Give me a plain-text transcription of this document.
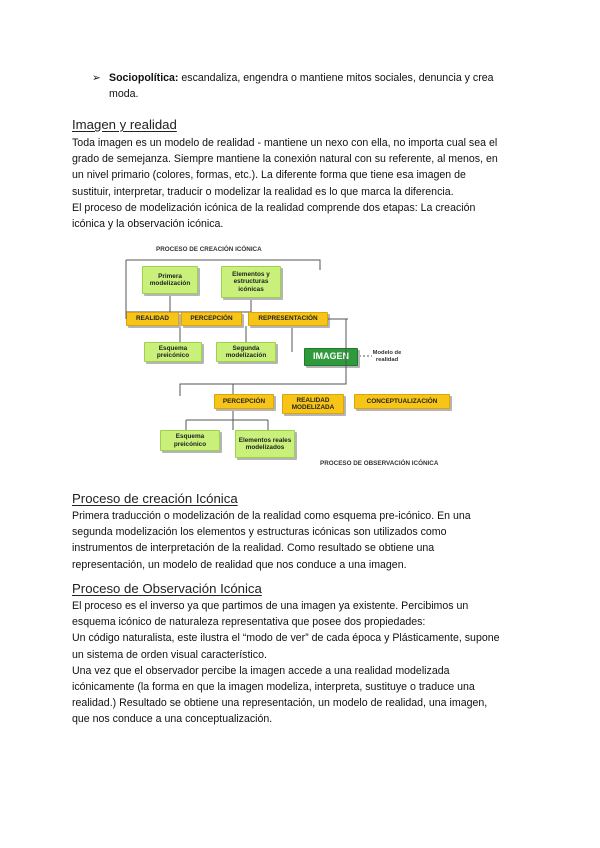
➢ Sociopolítica: escandaliza, engendra o mantiene mitos sociales, denuncia y crea
moda.
Imagen y realidad
Toda imagen es un modelo de realidad - mantiene un nexo con ella, no importa cual sea el
grado de semejanza. Siempre mantiene la conexión natural con su referente, al menos, en
un nivel primario (colores, formas, etc.). La diferente forma que tiene esa imagen de
sustituir, interpretar, traducir o modelizar la realidad es lo que marca la diferencia.
El proceso de modelización icónica de la realidad comprende dos etapas: La creación
icónica y la observación icónica.
PROCESO DE CREACIÓN ICÓNICA
Primera modelización
Elementos y estructuras icónicas
REALIDAD	PERCEPCIÓN	REPRESENTACIÓN
Esquema preicónico
Segunda modelización	IMAGEN	Modelo de realidad
PERCEPCIÓN	REALIDAD MODELIZADA
CONCEPTUALIZACIÓN
Esquema preicónico
Elementos reales modelizados
PROCESO DE OBSERVACIÓN ICÓNICA
Proceso de creación Icónica
Primera traducción o modelización de la realidad como esquema pre-icónico. En una
segunda modelización los elementos y estructuras icónicas son utilizados como
instrumentos de interpretación de la realidad. Como resultado se obtiene una
representación, un modelo de realidad que nos conduce a una imagen.
Proceso de Observación Icónica
El proceso es el inverso ya que partimos de una imagen ya existente. Percibimos un
esquema icónico de naturaleza representativa que posee dos propiedades:
Un código naturalista, este ilustra el “modo de ver” de cada época y Plásticamente, supone
un sistema de orden visual característico.
Una vez que el observador percibe la imagen accede a una realidad modelizada
icónicamente (la forma en que la imagen modeliza, interpreta, sustituye o traduce una
realidad.) Resultado se obtiene una representación, un modelo de realidad, una imagen,
que nos conduce a una conceptualización.
